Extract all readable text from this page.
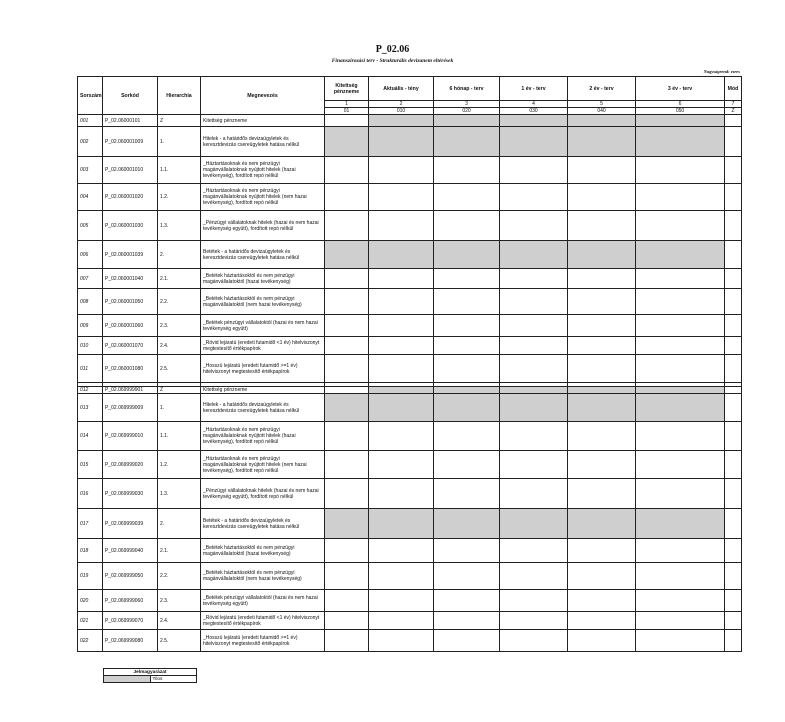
P_02.06
Finanszírozási terv - Strukturális devizanem eltérések
Nagyságrend: ezres
Sorszám	Sorkód	Hierarchia	Megnevezés	Kitettség pénzneme	Aktuális - tény	6 hónap - terv	1 év - terv	2 év - terv	3 év - terv	Mód
				1	2	3	4	5	6	7
				01	010	020	030	040	050	Z
001	P_02.06000101	Z	Kitettség pénzneme							
002	P_02.060001009	1.	Hitelek - a határidős devizaügyletek és keresztdevizás csereügyletek hatása nélkül							
003	P_02.060001010	1.1.	_Háztartásoknak és nem pénzügyi magánvállalatoknak nyújtott hitelek (hazai tevékenység), fordított repó nélkül							
004	P_02.060001020	1.2.	_Háztartásoknak és nem pénzügyi magánvállalatoknak nyújtott hitelek (nem hazai tevékenység), fordított repó nélkül							
005	P_02.060001030	1.3.	_Pénzügyi vállalatoknak hitelek (hazai és nem hazai tevékenység együtt), fordított repó nélkül							
006	P_02.060001039	2.	Betétek - a határidős devizaügyletek és keresztdevizás csereügyletek hatása nélkül							
007	P_02.060001040	2.1.	_Betétek háztartásoktól és nem pénzügyi magánvállalatoktól (hazai tevékenység)							
008	P_02.060001050	2.2.	_Betétek háztartásoktól és nem pénzügyi magánvállalatoktól (nem hazai tevékenység)							
009	P_02.060001060	2.3.	_Betétek pénzügyi vállalatoktól (hazai és nem hazai tevékenység együtt)							
010	P_02.060001070	2.4.	_Rövid lejáratú (eredeti futamidő <1 év) hitelviszonyt megtestesítő értékpapírok							
011	P_02.060001080	2.5.	_Hosszú lejáratú (eredeti futamidő >=1 év) hitelviszonyt megtestesítő értékpapírok							

012	P_02.069999901	Z	Kitettség pénzneme							
013	P_02.069999009	1.	Hitelek - a határidős devizaügyletek és keresztdevizás csereügyletek hatása nélkül							
014	P_02.069999010	1.1.	_Háztartásoknak és nem pénzügyi magánvállalatoknak nyújtott hitelek (hazai tevékenység), fordított repó nélkül							
015	P_02.069999020	1.2.	_Háztartásoknak és nem pénzügyi magánvállalatoknak nyújtott hitelek (nem hazai tevékenység), fordított repó nélkül							
016	P_02.069999030	1.3.	_Pénzügyi vállalatoknak hitelek (hazai és nem hazai tevékenység együtt), fordított repó nélkül							
017	P_02.069999039	2.	Betétek - a határidős devizaügyletek és keresztdevizás csereügyletek hatása nélkül							
018	P_02.069999040	2.1.	_Betétek háztartásoktól és nem pénzügyi magánvállalatoktól (hazai tevékenység)							
019	P_02.069999050	2.2.	_Betétek háztartásoktól és nem pénzügyi magánvállalatoktól (nem hazai tevékenység)							
020	P_02.069999060	2.3.	_Betétek pénzügyi vállalatoktól (hazai és nem hazai tevékenység együtt)							
021	P_02.069999070	2.4.	_Rövid lejáratú (eredeti futamidő <1 év) hitelviszonyt megtestesítő értékpapírok							
022	P_02.069999080	2.5.	_Hosszú lejáratú (eredeti futamidő >=1 év) hitelviszonyt megtestesítő értékpapírok							
Jelmagyarázat
	Tilos
